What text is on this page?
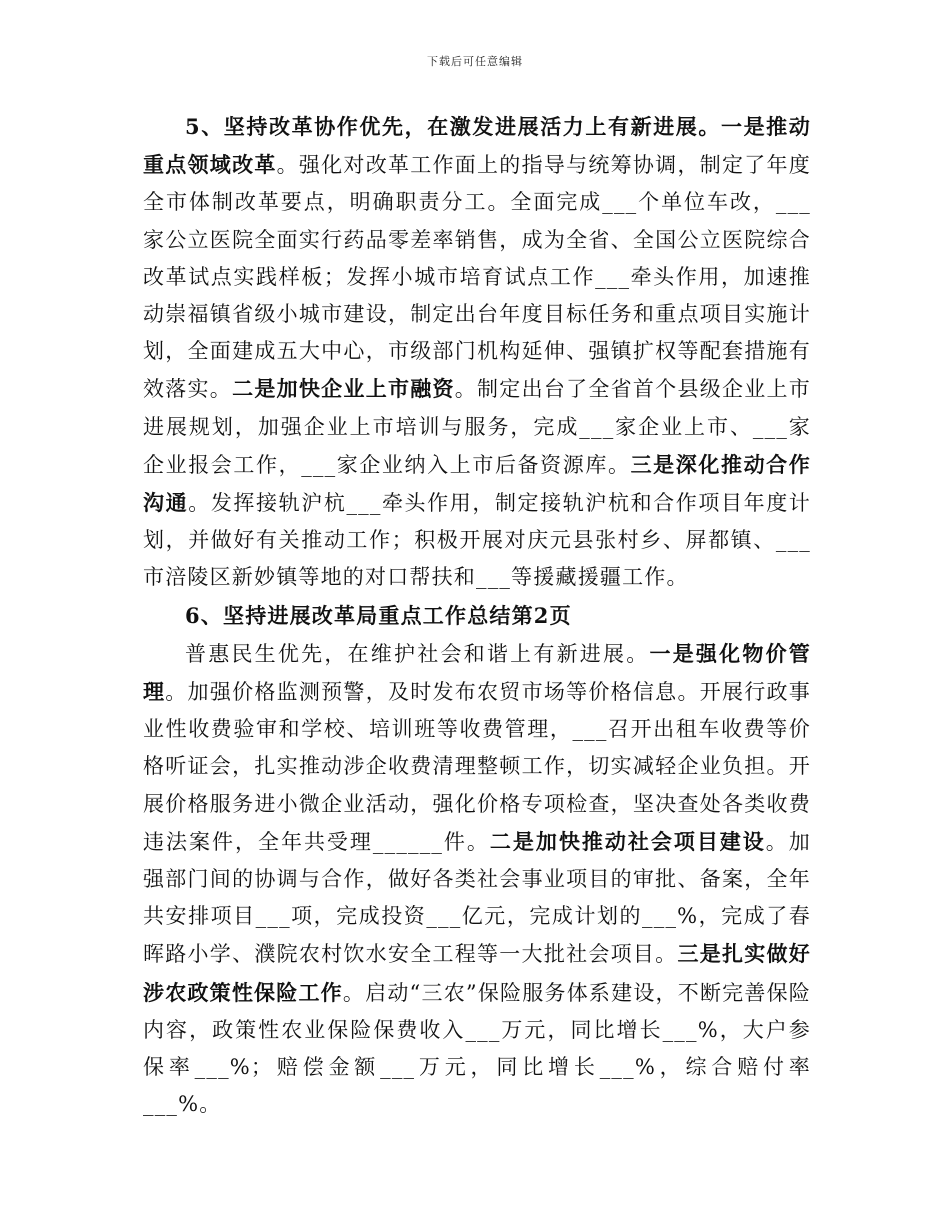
下载后可任意编辑

5、坚持改革协作优先，在激发进展活力上有新进展。一是推动重点领域改革。强化对改革工作面上的指导与统筹协调，制定了年度全市体制改革要点，明确职责分工。全面完成___个单位车改，___家公立医院全面实行药品零差率销售，成为全省、全国公立医院综合改革试点实践样板；发挥小城市培育试点工作___牵头作用，加速推动崇福镇省级小城市建设，制定出台年度目标任务和重点项目实施计划，全面建成五大中心，市级部门机构延伸、强镇扩权等配套措施有效落实。二是加快企业上市融资。制定出台了全省首个县级企业上市进展规划，加强企业上市培训与服务，完成___家企业上市、___家企业报会工作，___家企业纳入上市后备资源库。三是深化推动合作沟通。发挥接轨沪杭___牵头作用，制定接轨沪杭和合作项目年度计划，并做好有关推动工作；积极开展对庆元县张村乡、屏都镇、___市涪陵区新妙镇等地的对口帮扶和___等援藏援疆工作。

6、坚持进展改革局重点工作总结第2页

普惠民生优先，在维护社会和谐上有新进展。一是强化物价管理。加强价格监测预警，及时发布农贸市场等价格信息。开展行政事业性收费验审和学校、培训班等收费管理，___召开出租车收费等价格听证会，扎实推动涉企收费清理整顿工作，切实减轻企业负担。开展价格服务进小微企业活动，强化价格专项检查，坚决查处各类收费违法案件，全年共受理______件。二是加快推动社会项目建设。加强部门间的协调与合作，做好各类社会事业项目的审批、备案，全年共安排项目___项，完成投资___亿元，完成计划的___%，完成了春晖路小学、濮院农村饮水安全工程等一大批社会项目。三是扎实做好涉农政策性保险工作。启动“三农”保险服务体系建设，不断完善保险内容，政策性农业保险保费收入___万元，同比增长___%，大户参保率___%；赔偿金额___万元，同比增长___%，综合赔付率___%。
